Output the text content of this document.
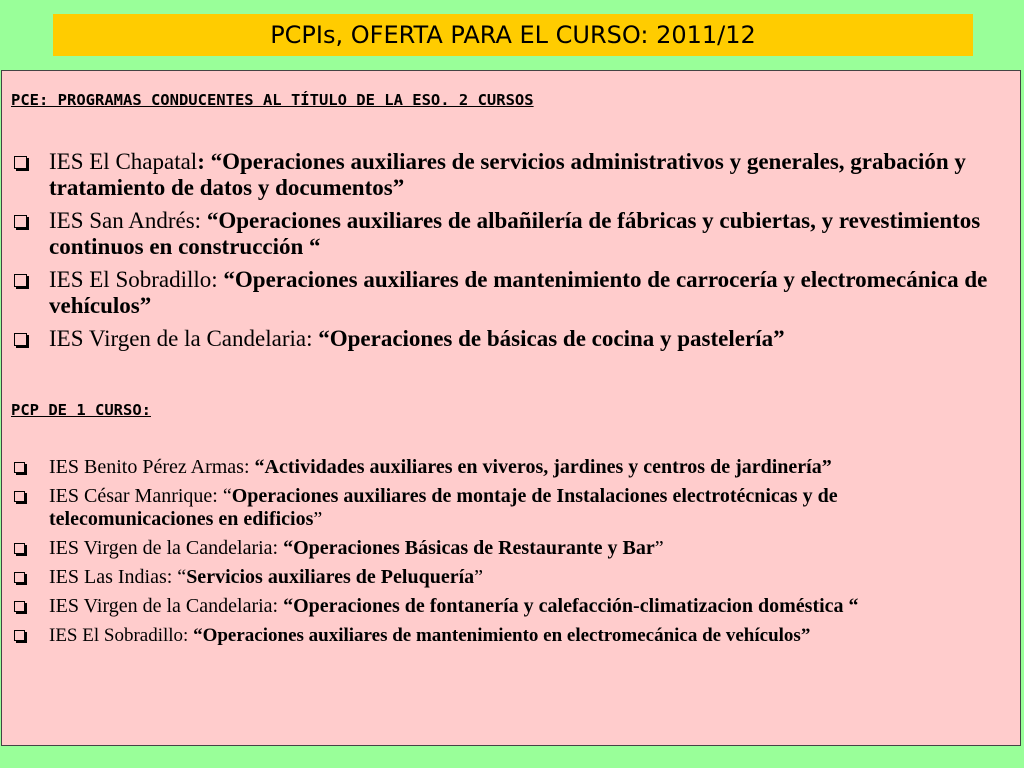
PCPIs, OFERTA PARA EL CURSO: 2011/12
PCE: PROGRAMAS CONDUCENTES AL TÍTULO DE LA ESO. 2 CURSOS
IES El Chapatal: “Operaciones auxiliares de servicios administrativos y generales, grabación y tratamiento de datos y documentos”
IES San Andrés: “Operaciones auxiliares de albañilería de fábricas y cubiertas, y revestimientos continuos en construcción “
IES El Sobradillo: “Operaciones auxiliares de mantenimiento de carrocería y electromecánica de vehículos”
IES Virgen de la Candelaria: “Operaciones de básicas de cocina y pastelería”
PCP DE 1 CURSO:
IES Benito Pérez Armas: “Actividades auxiliares en viveros, jardines y centros de jardinería”
IES César Manrique: “Operaciones auxiliares de montaje de Instalaciones electrotécnicas y de telecomunicaciones en edificios”
IES Virgen de la Candelaria: “Operaciones Básicas de Restaurante y Bar”
IES Las Indias: “Servicios auxiliares de Peluquería”
IES Virgen de la Candelaria: “Operaciones de fontanería y calefacción-climatizacion doméstica “
IES El Sobradillo: “Operaciones auxiliares de mantenimiento en electromecánica de vehículos”
